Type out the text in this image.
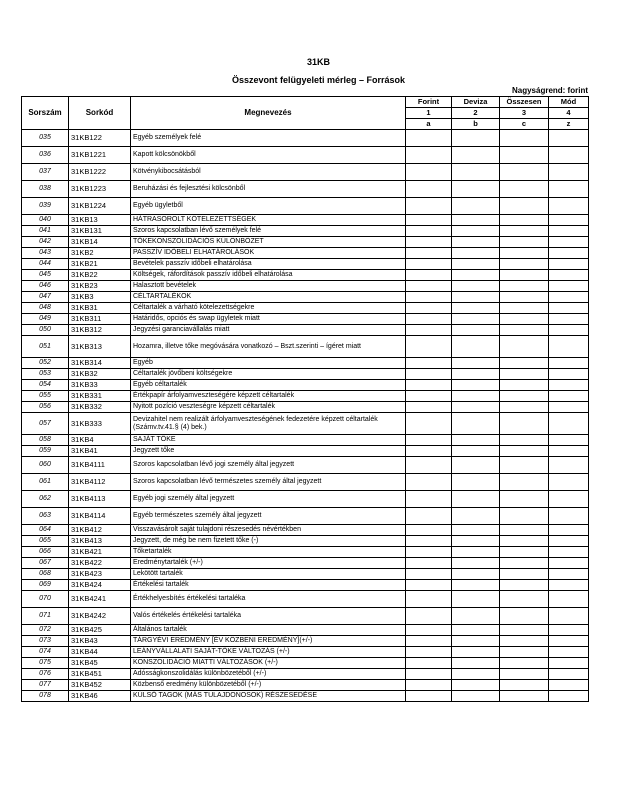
31KB
Összevont felügyeleti mérleg – Források
Nagyságrend: forint
Sorszám	Sorkód	Megnevezés	Forint	Deviza	Összesen	Mód
			1	2	3	4
			a	b	c	z
035	31KB122	Egyéb személyek felé				
036	31KB1221	Kapott kölcsönökből				
037	31KB1222	Kötvénykibocsátásból				
038	31KB1223	Beruházási és fejlesztési kölcsönből				
039	31KB1224	Egyéb ügyletből				
040	31KB13	HÁTRASOROLT KÖTELEZETTSÉGEK				
041	31KB131	Szoros kapcsolatban lévő személyek felé				
042	31KB14	TŐKEKONSZOLIDÁCIÓS KÜLÖNBÖZET				
043	31KB2	PASSZÍV IDŐBELI ELHATÁROLÁSOK				
044	31KB21	Bevételek passzív időbeli elhatárolása				
045	31KB22	Költségek, ráfordítások passzív időbeli elhatárolása				
046	31KB23	Halasztott bevételek				
047	31KB3	CÉLTARTALÉKOK				
048	31KB31	Céltartalék a várható kötelezettségekre				
049	31KB311	Határidős, opciós és swap ügyletek miatt				
050	31KB312	Jegyzési garanciavállalás miatt				
051	31KB313	Hozamra, illetve tőke megóvására vonatkozó – Bszt.szerinti – ígéret miatt				
052	31KB314	Egyéb				
053	31KB32	Céltartalék jövőbeni költségekre				
054	31KB33	Egyéb céltartalék				
055	31KB331	Értékpapír árfolyamveszteségére képzett céltartalék				
056	31KB332	Nyitott pozíció veszteségre képzett céltartalék				
057	31KB333	Devizahitel nem realizált árfolyamveszteségének fedezetére képzett céltartalék (Számv.tv.41.§ (4) bek.)				
058	31KB4	SAJÁT TŐKE				
059	31KB41	Jegyzett tőke				
060	31KB4111	Szoros kapcsolatban lévő jogi személy által jegyzett				
061	31KB4112	Szoros kapcsolatban lévő természetes személy által jegyzett				
062	31KB4113	Egyéb jogi személy által jegyzett				
063	31KB4114	Egyéb természetes személy által jegyzett				
064	31KB412	Visszavásárolt saját tulajdoni részesedés névértékben				
065	31KB413	Jegyzett, de még be nem fizetett tőke (-)				
066	31KB421	Tőketartalék				
067	31KB422	Eredménytartalék (+/-)				
068	31KB423	Lekötött tartalék				
069	31KB424	Értékelési tartalék				
070	31KB4241	Értékhelyesbítés értékelési tartaléka				
071	31KB4242	Valós értékelés értékelési tartaléka				
072	31KB425	Általános tartalék				
073	31KB43	TÁRGYÉVI EREDMÉNY [ÉV KÖZBENI EREDMÉNY](+/-)				
074	31KB44	LEÁNYVÁLLALATI SAJÁT-TŐKE VÁLTOZÁS (+/-)				
075	31KB45	KONSZOLIDÁCIÓ MIATTI VÁLTOZÁSOK (+/-)				
076	31KB451	Adósságkonszolidálás különbözetéből (+/-)				
077	31KB452	Közbenső eredmény különbözetéből (+/-)				
078	31KB46	KÜLSŐ TAGOK (MÁS TULAJDONOSOK) RÉSZESEDÉSE				
